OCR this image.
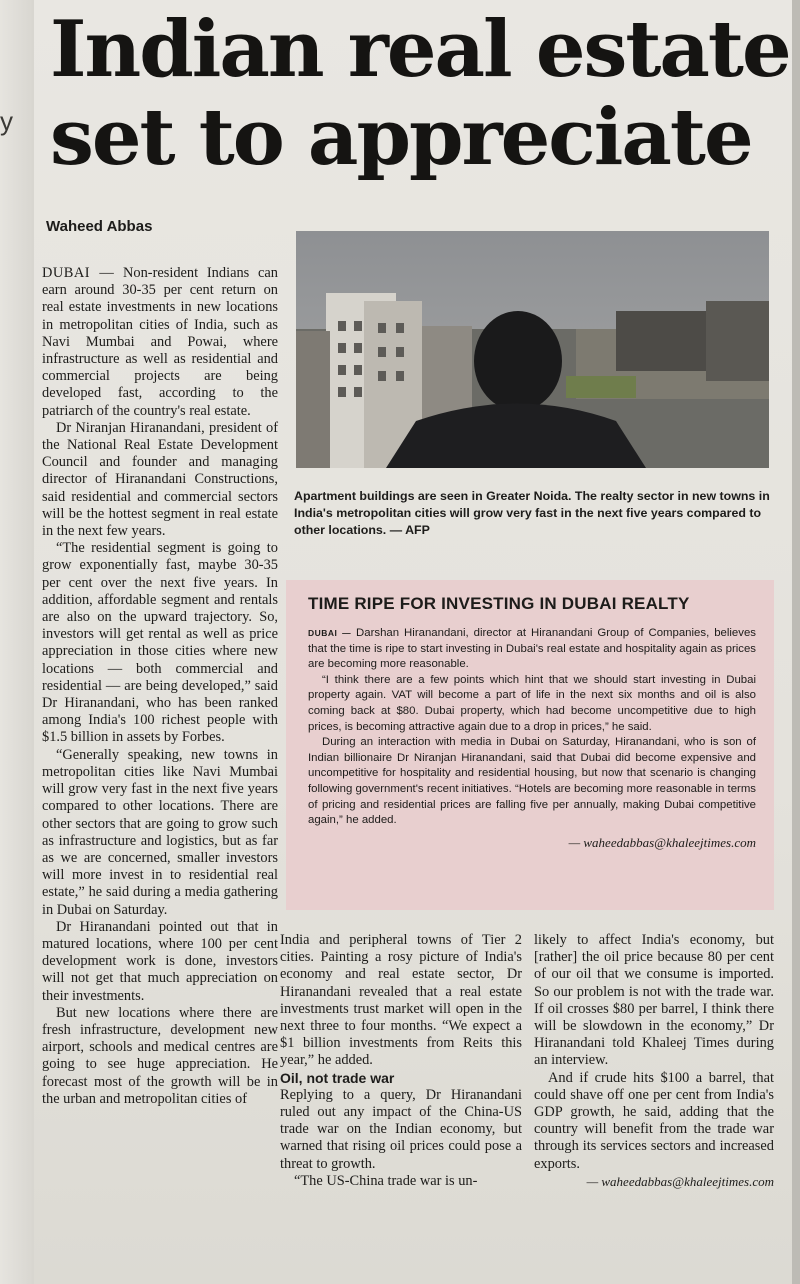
y
Indian real estate
set to appreciate
Waheed Abbas

DUBAI — Non-resident Indians can earn around 30-35 per cent return on real estate investments in new locations in metropolitan cities of India, such as Navi Mumbai and Powai, where infrastructure as well as residential and commercial projects are being developed fast, according to the patriarch of the country's real estate.

Dr Niranjan Hiranandani, president of the National Real Estate Development Council and founder and managing director of Hiranandani Constructions, said residential and commercial sectors will be the hottest segment in real estate in the next few years.

“The residential segment is going to grow exponentially fast, maybe 30-35 per cent over the next five years. In addition, affordable segment and rentals are also on the upward trajectory. So, investors will get rental as well as price appreciation in those cities where new locations — both commercial and residential — are being developed,” said Dr Hiranandani, who has been ranked among India's 100 richest people with $1.5 billion in assets by Forbes.

“Generally speaking, new towns in metropolitan cities like Navi Mumbai will grow very fast in the next five years compared to other locations. There are other sectors that are going to grow such as infrastructure and logistics, but as far as we are concerned, smaller investors will more invest in to residential real estate,” he said during a media gathering in Dubai on Saturday.

Dr Hiranandani pointed out that in matured locations, where 100 per cent development work is done, investors will not get that much appreciation on their investments.

But new locations where there are fresh infrastructure, development new airport, schools and medical centres are going to see huge appreciation. He forecast most of the growth will be in the urban and metropolitan cities of

Apartment buildings are seen in Greater Noida. The realty sector in new towns in India's metropolitan cities will grow very fast in the next five years compared to other locations. — AFP
TIME RIPE FOR INVESTING IN DUBAI REALTY

DUBAI — Darshan Hiranandani, director at Hiranandani Group of Companies, believes that the time is ripe to start investing in Dubai's real estate and hospitality again as prices are becoming more reasonable.

“I think there are a few points which hint that we should start investing in Dubai property again. VAT will become a part of life in the next six months and oil is also coming back at $80. Dubai property, which had become uncompetitive due to high prices, is becoming attractive again due to a drop in prices,” he said.

During an interaction with media in Dubai on Saturday, Hiranandani, who is son of Indian billionaire Dr Niranjan Hiranandani, said that Dubai did become expensive and uncompetitive for hospitality and residential housing, but now that scenario is changing following government's recent initiatives. “Hotels are becoming more reasonable in terms of pricing and residential prices are falling five per annually, making Dubai competitive again,” he added.

— waheedabbas@khaleejtimes.com

India and peripheral towns of Tier 2 cities. Painting a rosy picture of India's economy and real estate sector, Dr Hiranandani revealed that a real estate investments trust market will open in the next three to four months. “We expect a $1 billion investments from Reits this year,” he added.

Oil, not trade war

Replying to a query, Dr Hiranandani ruled out any impact of the China-US trade war on the Indian economy, but warned that rising oil prices could pose a threat to growth.

“The US-China trade war is un-

likely to affect India's economy, but [rather] the oil price because 80 per cent of our oil that we consume is imported. So our problem is not with the trade war. If oil crosses $80 per barrel, I think there will be slowdown in the economy,” Dr Hiranandani told Khaleej Times during an interview.

And if crude hits $100 a barrel, that could shave off one per cent from India's GDP growth, he said, adding that the country will benefit from the trade war through its services sectors and increased exports.

— waheedabbas@khaleejtimes.com
